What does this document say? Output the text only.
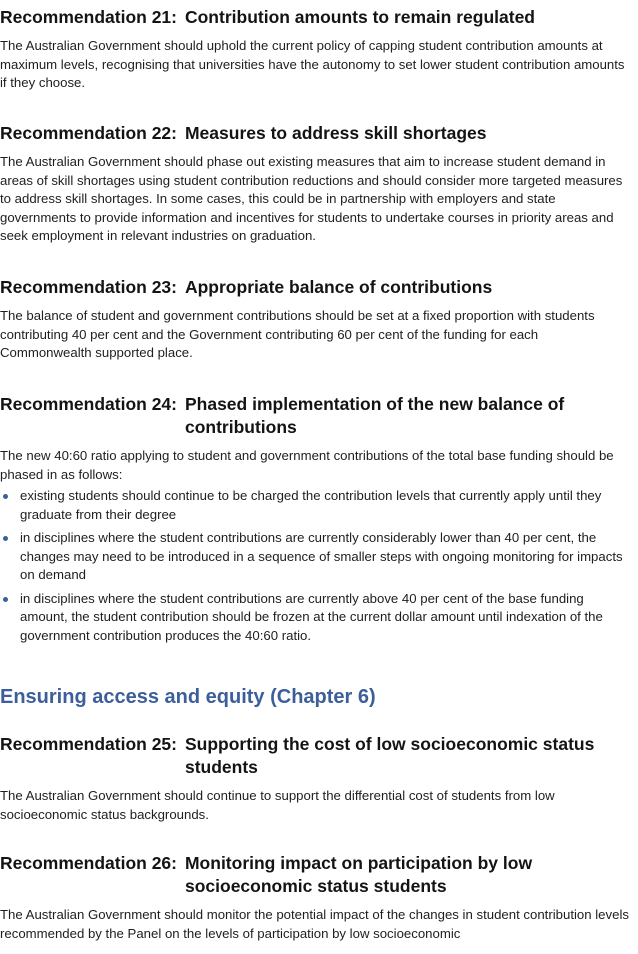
Recommendation 21: Contribution amounts to remain regulated

The Australian Government should uphold the current policy of capping student contribution amounts at maximum levels, recognising that universities have the autonomy to set lower student contribution amounts if they choose.

Recommendation 22: Measures to address skill shortages

The Australian Government should phase out existing measures that aim to increase student demand in areas of skill shortages using student contribution reductions and should consider more targeted measures to address skill shortages. In some cases, this could be in partnership with employers and state governments to provide information and incentives for students to undertake courses in priority areas and seek employment in relevant industries on graduation.

Recommendation 23: Appropriate balance of contributions

The balance of student and government contributions should be set at a fixed proportion with students contributing 40 per cent and the Government contributing 60 per cent of the funding for each Commonwealth supported place.

Recommendation 24: Phased implementation of the new balance of contributions

The new 40:60 ratio applying to student and government contributions of the total base funding should be phased in as follows:

existing students should continue to be charged the contribution levels that currently apply until they graduate from their degree
in disciplines where the student contributions are currently considerably lower than 40 per cent, the changes may need to be introduced in a sequence of smaller steps with ongoing monitoring for impacts on demand
in disciplines where the student contributions are currently above 40 per cent of the base funding amount, the student contribution should be frozen at the current dollar amount until indexation of the government contribution produces the 40:60 ratio.
Ensuring access and equity (Chapter 6)
Recommendation 25: Supporting the cost of low socioeconomic status students

The Australian Government should continue to support the differential cost of students from low socioeconomic status backgrounds.

Recommendation 26: Monitoring impact on participation by low socioeconomic status students

The Australian Government should monitor the potential impact of the changes in student contribution levels recommended by the Panel on the levels of participation by low socioeconomic
